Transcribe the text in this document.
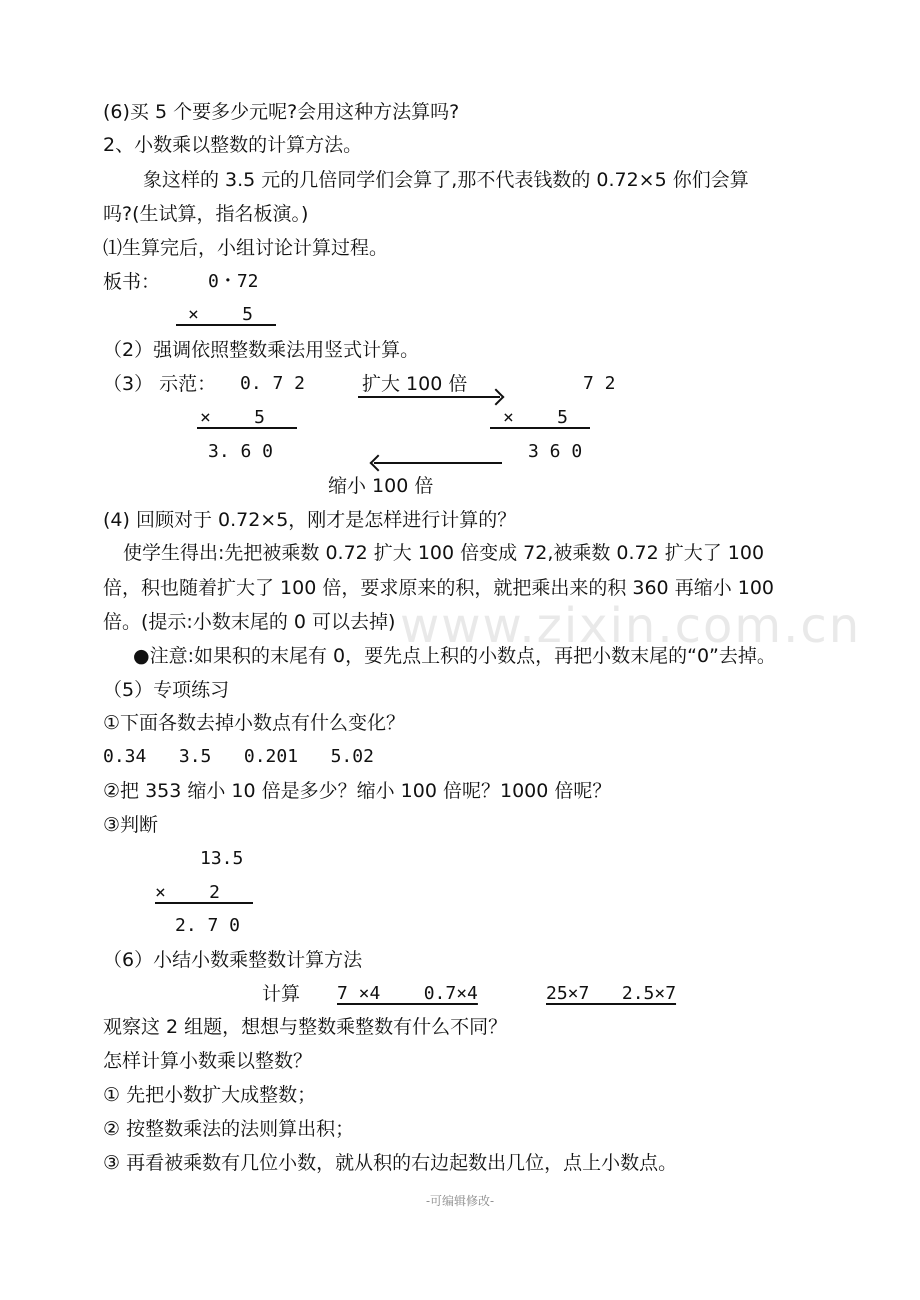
www.zixin.com.cn
(6)买 5 个要多少元呢?会用这种方法算吗?
2、小数乘以整数的计算方法。
象这样的 3.5 元的几倍同学们会算了,那不代表钱数的 0.72×5 你们会算
吗?(生试算，指名板演。)
⑴生算完后，小组讨论计算过程。
板书：	0・72
×    5
（2）强调依照整数乘法用竖式计算。
（3） 示范： 0. 7 2	扩大 100 倍	7 2
×    5	×    5
3. 6 0	3 6 0
缩小 100 倍
(4) 回顾对于 0.72×5，刚才是怎样进行计算的？
使学生得出:先把被乘数 0.72 扩大 100 倍变成 72,被乘数 0.72 扩大了 100
倍，积也随着扩大了 100 倍，要求原来的积，就把乘出来的积 360 再缩小 100
倍。(提示:小数末尾的 0 可以去掉)
●注意:如果积的末尾有 0，要先点上积的小数点，再把小数末尾的“0”去掉。
（5）专项练习
①下面各数去掉小数点有什么变化？
0.34   3.5   0.201   5.02
②把 353 缩小 10 倍是多少？缩小 100 倍呢？1000 倍呢？
③判断
13.5
×    2
2. 7 0
（6）小结小数乘整数计算方法
计算 7 ×4    0.7×4	25×7   2.5×7
观察这 2 组题，想想与整数乘整数有什么不同？
怎样计算小数乘以整数？
① 先把小数扩大成整数；
② 按整数乘法的法则算出积；
③ 再看被乘数有几位小数，就从积的右边起数出几位，点上小数点。
-可编辑修改-
